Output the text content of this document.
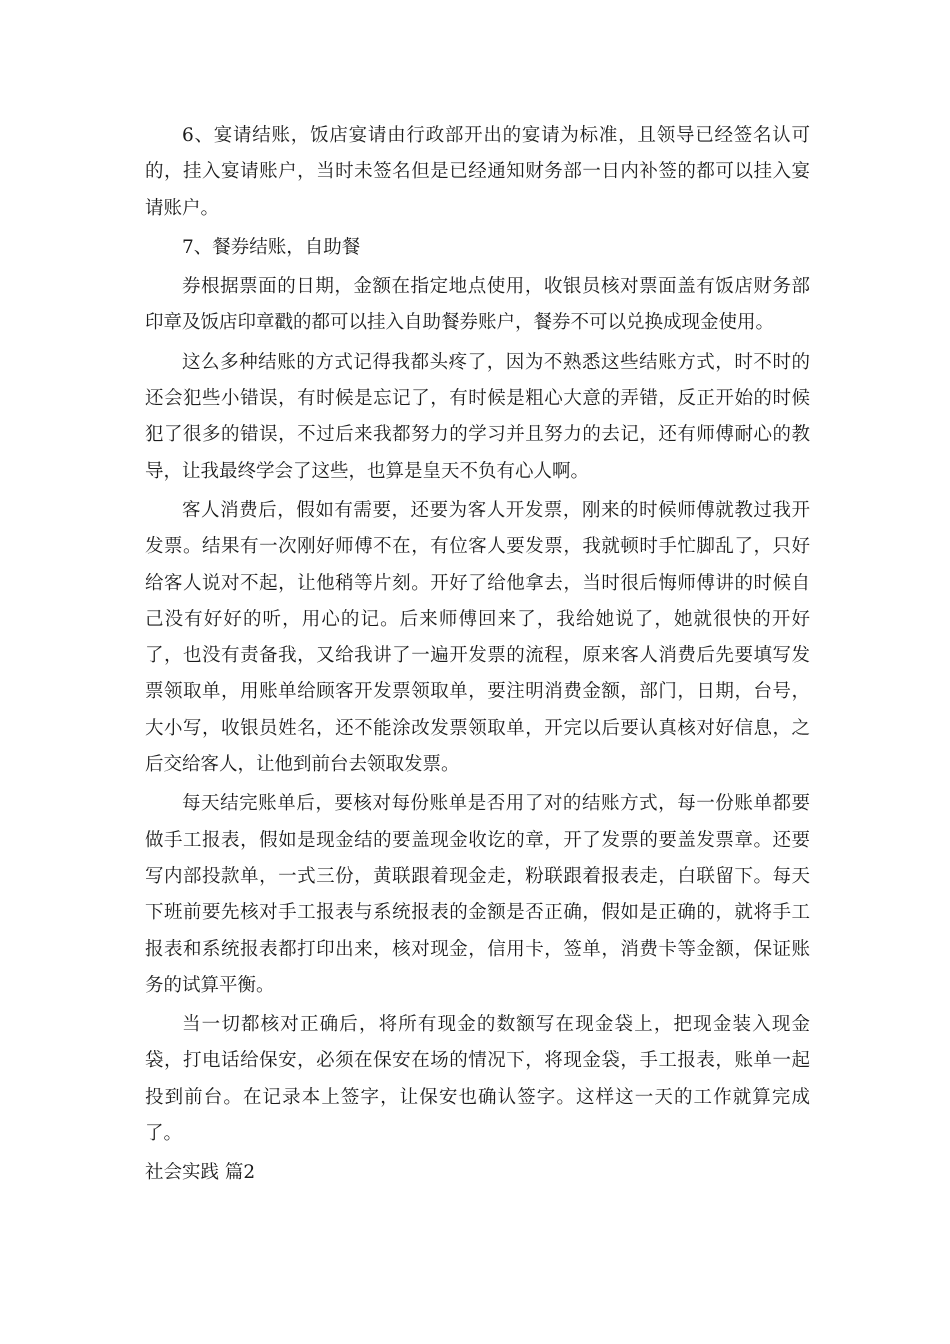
6、宴请结账，饭店宴请由行政部开出的宴请为标准，且领导已经签名认可的，挂入宴请账户，当时未签名但是已经通知财务部一日内补签的都可以挂入宴请账户。

7、餐券结账，自助餐

券根据票面的日期，金额在指定地点使用，收银员核对票面盖有饭店财务部印章及饭店印章戳的都可以挂入自助餐券账户，餐券不可以兑换成现金使用。

这么多种结账的方式记得我都头疼了，因为不熟悉这些结账方式，时不时的还会犯些小错误，有时候是忘记了，有时候是粗心大意的弄错，反正开始的时候犯了很多的错误，不过后来我都努力的学习并且努力的去记，还有师傅耐心的教导，让我最终学会了这些，也算是皇天不负有心人啊。

客人消费后，假如有需要，还要为客人开发票，刚来的时候师傅就教过我开发票。结果有一次刚好师傅不在，有位客人要发票，我就顿时手忙脚乱了，只好给客人说对不起，让他稍等片刻。开好了给他拿去，当时很后悔师傅讲的时候自己没有好好的听，用心的记。后来师傅回来了，我给她说了，她就很快的开好了，也没有责备我，又给我讲了一遍开发票的流程，原来客人消费后先要填写发票领取单，用账单给顾客开发票领取单，要注明消费金额，部门，日期，台号，大小写，收银员姓名，还不能涂改发票领取单，开完以后要认真核对好信息，之后交给客人，让他到前台去领取发票。

每天结完账单后，要核对每份账单是否用了对的结账方式，每一份账单都要做手工报表，假如是现金结的要盖现金收讫的章，开了发票的要盖发票章。还要写内部投款单，一式三份，黄联跟着现金走，粉联跟着报表走，白联留下。每天下班前要先核对手工报表与系统报表的金额是否正确，假如是正确的，就将手工报表和系统报表都打印出来，核对现金，信用卡，签单，消费卡等金额，保证账务的试算平衡。

当一切都核对正确后，将所有现金的数额写在现金袋上，把现金装入现金袋，打电话给保安，必须在保安在场的情况下，将现金袋，手工报表，账单一起投到前台。在记录本上签字，让保安也确认签字。这样这一天的工作就算完成了。

社会实践 篇2
